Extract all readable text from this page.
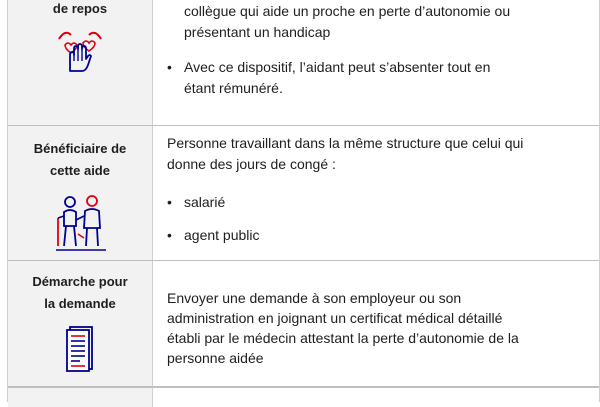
de repos	collègue qui aide un proche en perte d’autonomie ou
présentant un handicap
• Avec ce dispositif, l’aidant peut s’absenter tout en
étant rémunéré.
Bénéficiaire de
cette aide
Personne travaillant dans la même structure que celui qui
donne des jours de congé :
• salarié
• agent public
Démarche pour
la demande	Envoyer une demande à son employeur ou son
administration en joignant un certificat médical détaillé
établi par le médecin attestant la perte d’autonomie de la
personne aidée
